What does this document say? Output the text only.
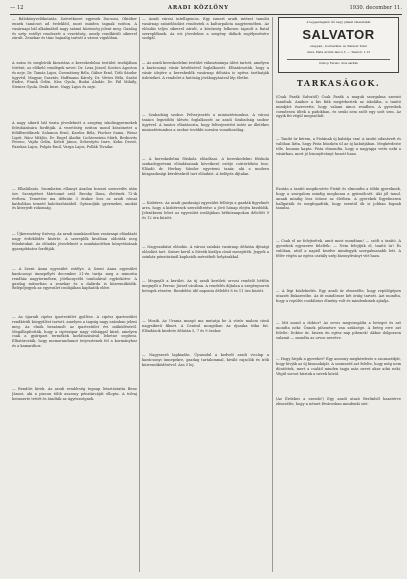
— 12	ARADI KÖZLÖNY	1930. december 11.

— Bálokönyvelőkutatás. Szövetkezet egyesek Dacsoni. Október ennek tanácsot ad érdeklőd, most minden tagnak ezúton. A vasárnapi bál alkalmából nagy számú közönség jelent meg. Gazdag és szép estélyt rendezett a vezetőség, amely rendkívüli sikerrel zárult. Zenekar és tánc hajnalig tartott a városi vigalóban.

A szám és meghívók kiosztása a kereskedelmi testület irodájában történt, az előkelő vendégek nevei: Dr. Lexa József, Kovács Ágoston és neje, Dr. Tamás Lajos, Csernátony Béla, Gábor Ernő, Tóth Sándor ügyvéd, Magyar Gusztáv, Hoffmann Károly, Dr. Vértes Béla, Szabó Endre, Frank Ödön, Kiss Gyula, Budai Aladár, Dr. Pál Mihály, Steiner Gyula, Deák Imre, Nagy Lajos és neje.

A nagy sikerű bál tiszta jövedelmét a szegény iskolásgyermekek felruházására fordítják. A vezetőség ezúton mond köszönetet a felülfizetőknek: Salamon Ernő, Kardos Béla, Fischer Samu, Weisz Lipót, Rácz Miklós, Dr. Engel Aladár, Lichtenstein Márk, Berkovits Ferenc, Vajda Ödön, Keleti János, Sebestyén Imre, Kohn Dezső, Fazekas Lajos, Polgár Emil, Varga Lajos, Pollák Tivadar.

— Elhalálozás. Szombaton elhunyt Aradon hosszú szenvedés után özv. Szentpéteri Mártonné szül. Becsky Ilona, életének 72-ik évében. Temetése ma délután 3 órakor lesz az aradi római katholikus temető halottasházából. Gyászolják: gyermekei, unokái és kiterjedt rokonság.

— Újkeresztény Szöveg. Az aradi munkásotthon vasárnapi előadását nagy érdeklődés kísérte. A szereplők kiválóan oldották meg feladatukat. Az előadás jövedelmét a munkásotthon könyvtárának gyarapítására fordítják.

— A Szent Anna egyesület estélye. A Szent Anna egyesület karácsonyi ünnepélyét december 21-én tartja meg a minorita rendház nagytermében, jótékonycélú tombolával egybekötve. A gazdag műsorban a zenekar és a dalárda is közreműködik. Belépőjegyek az egyesület irodájában kaphatók előre.

— Az újaradi cipész ipartestület gyűlése. A cipész ipartestület rendkívüli közgyűlést tartott, amelyen a tagság nagy számban jelent meg. Az elnök beszámolt az ipartestület évi működéséről. Megállapították, hogy a cipészipar nagy válsággal küzd, amelyen csak a gyáripari termékek korlátozásával lehetne segíteni. Elhatározták, hogy memorandumot terjesztenek fel a kormányhoz és a kamarához.

— Rendőri hírek. Az aradi rendőrség tegnap letartóztatta Bene Jánost, aki a piacon több asszony pénztárcáját ellopta. A tolvaj beismerte tettét és átadták az ügyészségnek.

— Aradi városi intelligencia. Egy ismert aradi intézet tanulói vasárnap színielőadást rendeztek a kulturpalota nagytermében. Az előadás teljes sikerrel zárult, a közönség lelkesen tapsolt a fiatal szereplőknek. Az est jövedelme a szegény diákok segélyezésére szolgál.

— Az aradi kereskedelmi testület választmánya ülést tartott, amelyen a karácsonyi vásár kérdésével foglalkozott. Elhatározták, hogy a vásár idejére a kereskedők vasárnap délután is nyitva tarthatják üzleteiket. A rendelet a hatóság jóváhagyásával lép életbe.

— Szabadság szobor. Felterjesztés a minisztériumhoz. A városi tanács legutóbbi ülésén foglalkozott az aradi Szabadság szobor ügyével. A tanács elhatározta, hogy felterjesztést intéz az illetékes minisztériumhoz a szobor további sorsára vonatkozólag.

— A kereskedelmi főiskola előadásai. A kereskedelmi főiskola szabadegyetemi előadásainak következő estéje csütörtökön lesz. Előadó dr. Herbay Sándor egyetemi tanár, aki a modern közgazdasági kérdésekről tart előadást. A belépés díjtalan.

— Kisbéres. Az aradi gazdasági egyesület felhívja a gazdák figyelmét arra, hogy a kisbéresek szerződtetése a jövő hónap elején kezdődik. Jelentkezni lehet az egyesület irodájában hétköznapokon délelőtt 9 és 12 óra között.

— Nagyszabású előadás. A városi színház vasárnap délután ifjúsági előadást tart. Színre kerül a Mesék királya című mesejáték. Jegyek a színház pénztáránál kaphatók mérsékelt helyárakkal.

— Megnyílt a kerület. Az új aradi kerületi orvosi rendelő hétfőn megnyílt a Ferenc József utcában. A rendelés díjtalan a szegénysorsú betegek részére. Rendelési idő naponta délelőtt 8 és 11 óra között.

— Mozik. Az Urania mozgó ma mutatja be A vörös malom című nagysikerű filmet. A Central mozgóban Az éjszaka titka fut. Előadások kezdete délután 5, 7 és 9 órakor.

— Nagyszerű lapkiadás. Újraindul a kedvelt aradi vicclap a karácsonyi ünnepekre, gazdag tartalommal, kiváló rajzolók és írók közreműködésével. Ára 5 lej.

A leggazdagabb ízű nagy plakát választékát
SALVATOR
szappan-, kozmetikai- és illatszer üzlet
Arad, Piata Avram Iancu 3. — Telefon: 1-15
Oszlop Ferenc utca sarkán
TARKASÁGOK.

(Csak Parák Salvatól) Csak Parák a maguk szorgalma szerint tanultak. Amikor a kis fiúk megérkeztek az iskolába, a tanító mindjárt észrevette, hogy valami nincs rendben. A gyerekek csendesen ültek a padokban, és senki sem szólt egy szót sem. Az egyik fiú végül megszólalt.

— Tanító úr kérem, a Pistának új kabátja van! A tanító odanézett és valóban látta, hogy Pista büszkén ül az új kabátjában. Megkérdezte tőle, honnan kapta. Pista elmondta, hogy a nagyapja vette neki a vásárban, mert jó bizonyítványt hozott haza.

Ezután a tanító megdicsérte Pistát és elmondta a többi gyereknek, hogy a szorgalom mindig meghozza a gyümölcsét. Aki jól tanul, annak mindig lesz öröme az életben. A gyerekek figyelmesen hallgatták és megfogadták, hogy ezentúl ők is jobban fognak tanulni.

— Csak el ne felejtsétek, amit most mondtam! — szólt a tanító. A gyerekek egyszerre felelték: — Nem felejtjük el, tanító úr! És valóban, attól a naptól kezdve mindegyik szorgalmasabb lett. A félév végén az egész osztály szép bizonyítványt vitt haza.

— A légi közlekedés. Egy aradi úr elmesélte, hogy repülőgépen utazott Bukarestbe. Az út mindössze két óráig tartott. Azt mondta, hogy a repülés csodálatos élmény volt és mindenkinek ajánlja.

— Mit mond a doktor? Az orvos megvizsgálta a beteget és azt mondta neki: Önnek pihenésre van szüksége. A beteg erre azt felelte: Doktor úr, hiszen én egész nap pihenek! Akkor dolgozzon valamit — mondta az orvos nevetve.

— Hogy hívják a gyereket? Egy asszony megkérdezte a szomszédját, hogy hívják az új kisunokáját. A szomszéd azt felelte, hogy még nem döntöttek, mert a család minden tagja más nevet akar adni neki. Végül sorsot húztak a nevek közül.

(Az Érdekes a szemle!) Egy aradi utazó Berlinből hazatérve elmesélte, hogy a német fővárosban mindenki siet.
